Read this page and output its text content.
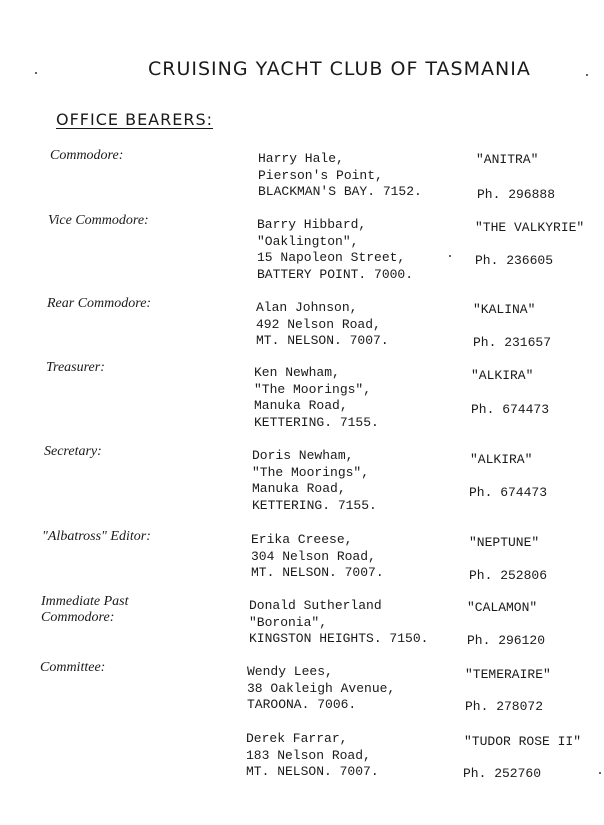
CRUISING YACHT CLUB OF TASMANIA
OFFICE BEARERS:
Commodore:	Harry Hale,
Pierson's Point,
BLACKMAN'S BAY. 7152.
"ANITRA"
Ph. 296888
Vice Commodore:	Barry Hibbard,
"Oaklington",
15 Napoleon Street,
BATTERY POINT. 7000.
"THE VALKYRIE"
Ph. 236605
Rear Commodore:	Alan Johnson,
492 Nelson Road,
MT. NELSON. 7007.
"KALINA"
Ph. 231657
Treasurer:	Ken Newham,
"The Moorings",
Manuka Road,
KETTERING. 7155.
"ALKIRA"
Ph. 674473
Secretary:	Doris Newham,
"The Moorings",
Manuka Road,
KETTERING. 7155.
"ALKIRA"
Ph. 674473
"Albatross" Editor:	Erika Creese,
304 Nelson Road,
MT. NELSON. 7007.
"NEPTUNE"
Ph. 252806
Immediate Past
Commodore:
Donald Sutherland
"Boronia",
KINGSTON HEIGHTS. 7150.
"CALAMON"
Ph. 296120
Committee:	Wendy Lees,
38 Oakleigh Avenue,
TAROONA. 7006.
"TEMERAIRE"
Ph. 278072
Derek Farrar,
183 Nelson Road,
MT. NELSON. 7007.
"TUDOR ROSE II"
Ph. 252760
